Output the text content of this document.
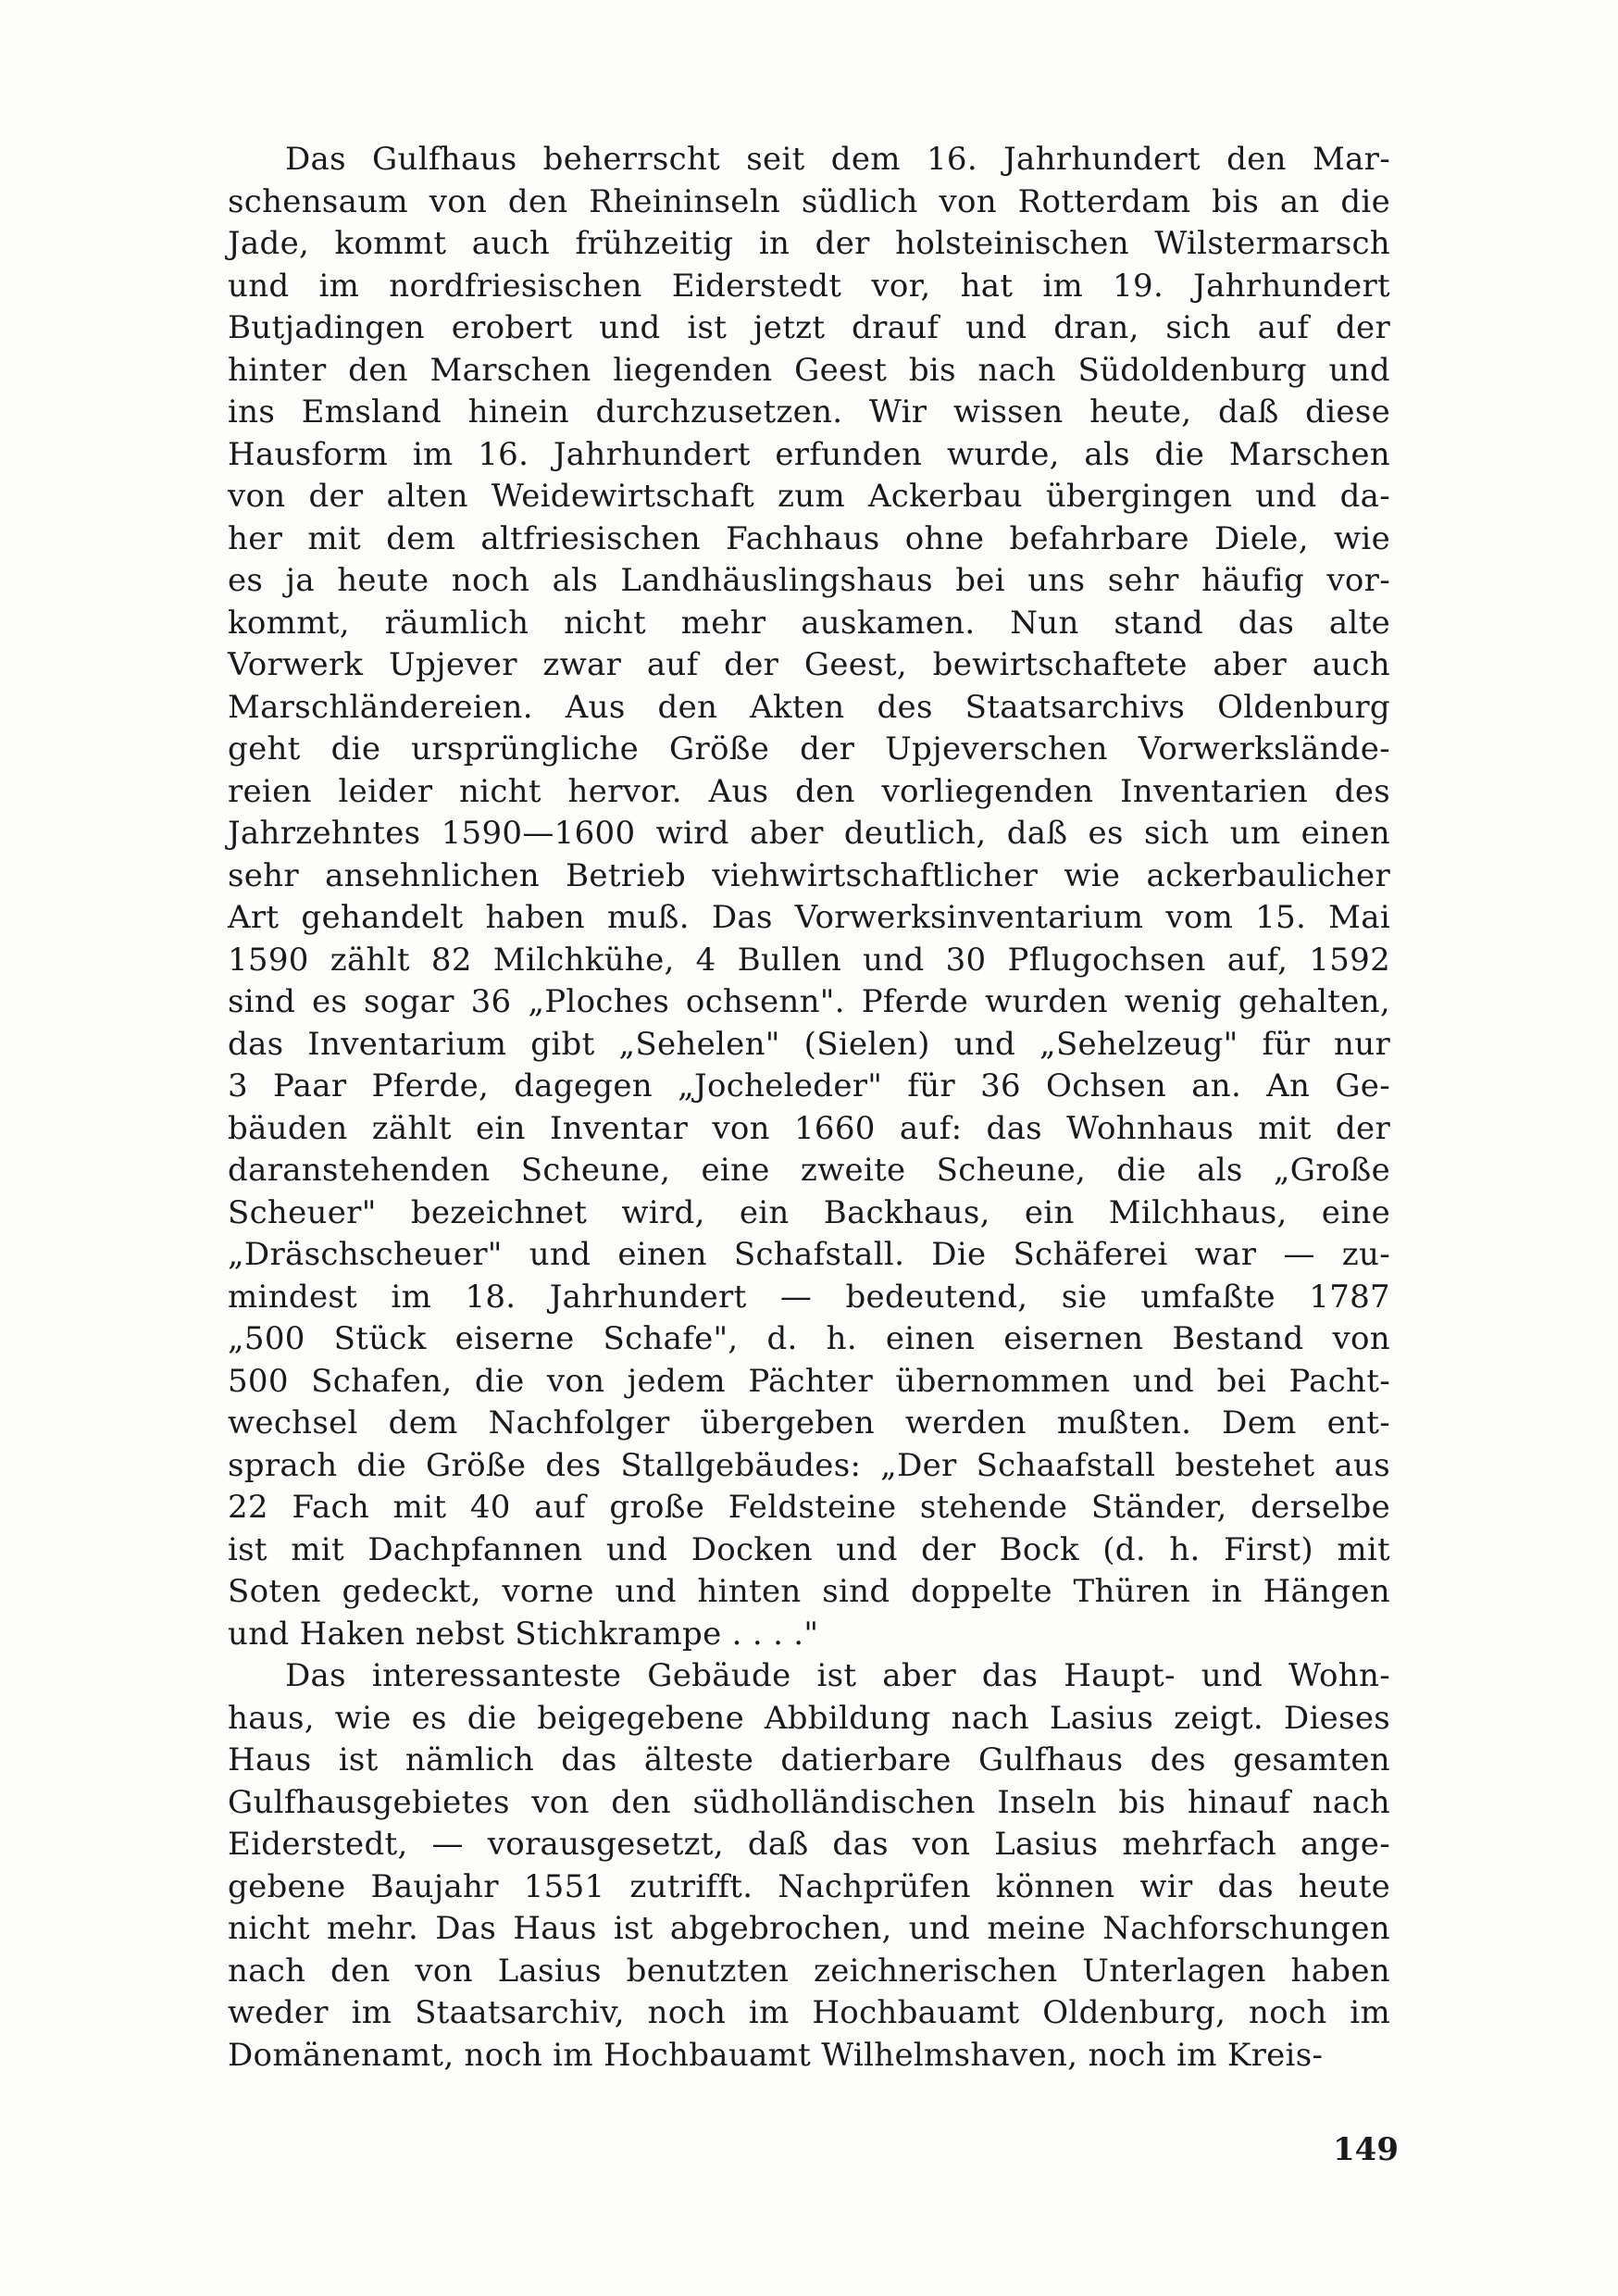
Das Gulfhaus beherrscht seit dem 16. Jahrhundert den Mar-
schensaum von den Rheininseln südlich von Rotterdam bis an die
Jade, kommt auch frühzeitig in der holsteinischen Wilstermarsch
und im nordfriesischen Eiderstedt vor, hat im 19. Jahrhundert
Butjadingen erobert und ist jetzt drauf und dran, sich auf der
hinter den Marschen liegenden Geest bis nach Südoldenburg und
ins Emsland hinein durchzusetzen. Wir wissen heute, daß diese
Hausform im 16. Jahrhundert erfunden wurde, als die Marschen
von der alten Weidewirtschaft zum Ackerbau übergingen und da-
her mit dem altfriesischen Fachhaus ohne befahrbare Diele, wie
es ja heute noch als Landhäuslingshaus bei uns sehr häufig vor-
kommt, räumlich nicht mehr auskamen. Nun stand das alte
Vorwerk Upjever zwar auf der Geest, bewirtschaftete aber auch
Marschländereien. Aus den Akten des Staatsarchivs Oldenburg
geht die ursprüngliche Größe der Upjeverschen Vorwerkslände-
reien leider nicht hervor. Aus den vorliegenden Inventarien des
Jahrzehntes 1590—1600 wird aber deutlich, daß es sich um einen
sehr ansehnlichen Betrieb viehwirtschaftlicher wie ackerbaulicher
Art gehandelt haben muß. Das Vorwerksinventarium vom 15. Mai
1590 zählt 82 Milchkühe, 4 Bullen und 30 Pflugochsen auf, 1592
sind es sogar 36 „Ploches ochsenn". Pferde wurden wenig gehalten,
das Inventarium gibt „Sehelen" (Sielen) und „Sehelzeug" für nur
3 Paar Pferde, dagegen „Jocheleder" für 36 Ochsen an. An Ge-
bäuden zählt ein Inventar von 1660 auf: das Wohnhaus mit der
daranstehenden Scheune, eine zweite Scheune, die als „Große
Scheuer" bezeichnet wird, ein Backhaus, ein Milchhaus, eine
„Dräschscheuer" und einen Schafstall. Die Schäferei war — zu-
mindest im 18. Jahrhundert — bedeutend, sie umfaßte 1787
„500 Stück eiserne Schafe", d. h. einen eisernen Bestand von
500 Schafen, die von jedem Pächter übernommen und bei Pacht-
wechsel dem Nachfolger übergeben werden mußten. Dem ent-
sprach die Größe des Stallgebäudes: „Der Schaafstall bestehet aus
22 Fach mit 40 auf große Feldsteine stehende Ständer, derselbe
ist mit Dachpfannen und Docken und der Bock (d. h. First) mit
Soten gedeckt, vorne und hinten sind doppelte Thüren in Hängen
und Haken nebst Stichkrampe . . . ."
Das interessanteste Gebäude ist aber das Haupt- und Wohn-
haus, wie es die beigegebene Abbildung nach Lasius zeigt. Dieses
Haus ist nämlich das älteste datierbare Gulfhaus des gesamten
Gulfhausgebietes von den südholländischen Inseln bis hinauf nach
Eiderstedt, — vorausgesetzt, daß das von Lasius mehrfach ange-
gebene Baujahr 1551 zutrifft. Nachprüfen können wir das heute
nicht mehr. Das Haus ist abgebrochen, und meine Nachforschungen
nach den von Lasius benutzten zeichnerischen Unterlagen haben
weder im Staatsarchiv, noch im Hochbauamt Oldenburg, noch im
Domänenamt, noch im Hochbauamt Wilhelmshaven, noch im Kreis-
149
